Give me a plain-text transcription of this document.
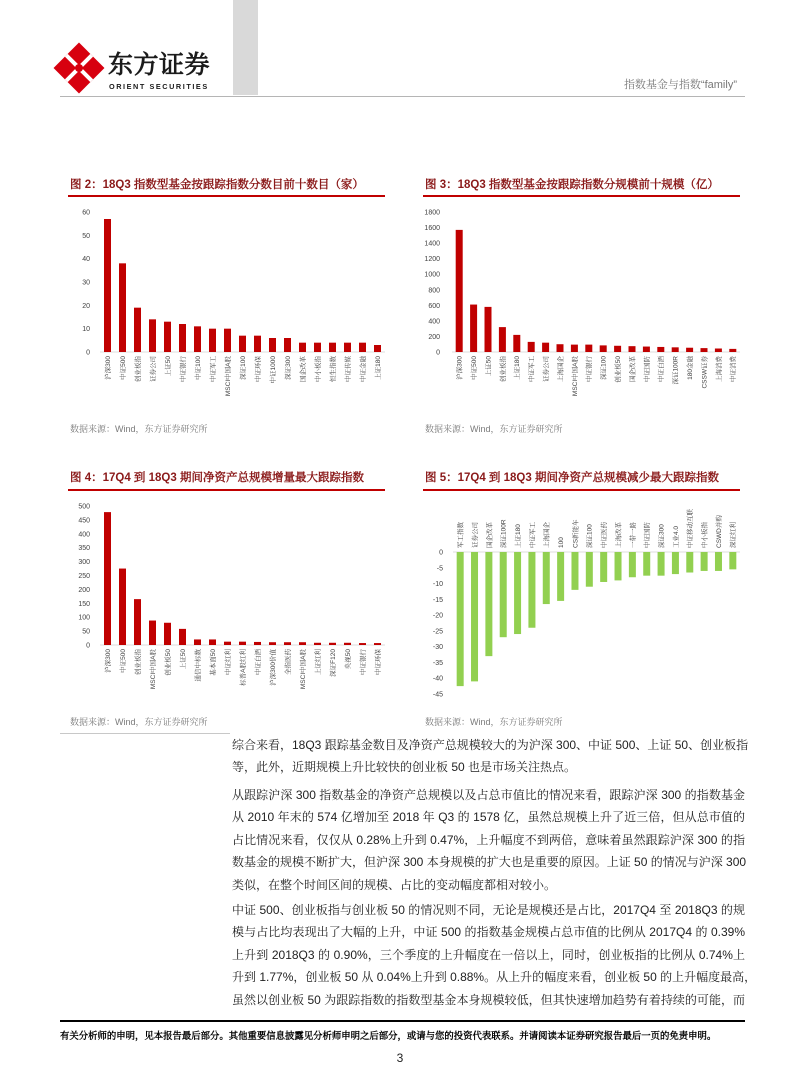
东方证券
ORIENT SECURITIES	指数基金与指数“family”
图 2：18Q3 指数型基金按跟踪指数分数目前十数目（家）
0
10
20
30
40
50
60
沪深300	中证500	创业板指	证券公司	上证50	中证银行	中证100	中证军工	MSCI中国A股	深证100	中证环保	中证1000	深证300	国企改革	中小板指	恒生指数	中证传媒	中证金融	上证180
数据来源：Wind，东方证券研究所
图 3：18Q3 指数型基金按跟踪指数分规模前十规模（亿）
0
200
400
600
800
1000
1200
1400
1600
1800
沪深300	中证500	上证50	创业板指	上证180	中证军工	证券公司	上海国企	MSCI中国A股	中证银行	深证100	创业板50	国企改革	中证国防	中证白酒	深证100R	180金融	CSSW证券	上海消费	中证消费
数据来源：Wind，东方证券研究所
图 4：17Q4 到 18Q3 期间净资产总规模增量最大跟踪指数
0
50
100
150
200
250
300
350
400
450
500
沪深300	中证500	创业板指	MSCI中国A股	创业板50	上证50	通信中标数	基本面50	中证红利	标普A股红利	中证白酒	沪深300价值	全指医药	MSCI中国A股	上证红利	深证F120	央视50	中证银行	中证环保
数据来源：Wind，东方证券研究所
图 5：17Q4 到 18Q3 期间净资产总规模减少最大跟踪指数
0
-5
-10
-15
-20
-25
-30
-35
-40
-45
军工指数	证券公司	国企改革	深证100R	上证180	中证军工	上海国企 100	CS新能车	深证100	中证医药	上海改革	一带一路	中证国防	深证300	工业4.0	中证移动互联	中小板指	CSWD并购	深证红利
数据来源：Wind，东方证券研究所
综合来看，18Q3 跟踪基金数目及净资产总规模较大的为沪深 300、中证 500、上证 50、创业板指
等，此外，近期规模上升比较快的创业板 50 也是市场关注热点。
从跟踪沪深 300 指数基金的净资产总规模以及占总市值比的情况来看，跟踪沪深 300 的指数基金
从 2010 年末的 574 亿增加至 2018 年 Q3 的 1578 亿，虽然总规模上升了近三倍，但从总市值的
占比情况来看，仅仅从 0.28%上升到 0.47%，上升幅度不到两倍，意味着虽然跟踪沪深 300 的指
数基金的规模不断扩大，但沪深 300 本身规模的扩大也是重要的原因。上证 50 的情况与沪深 300
类似，在整个时间区间的规模、占比的变动幅度都相对较小。
中证 500、创业板指与创业板 50 的情况则不同，无论是规模还是占比，2017Q4 至 2018Q3 的规
模与占比均表现出了大幅的上升，中证 500 的指数基金规模占总市值的比例从 2017Q4 的 0.39%
上升到 2018Q3 的 0.90%，三个季度的上升幅度在一倍以上，同时，创业板指的比例从 0.74%上
升到 1.77%，创业板 50 从 0.04%上升到 0.88%。从上升的幅度来看，创业板 50 的上升幅度最高，
虽然以创业板 50 为跟踪指数的指数型基金本身规模较低，但其快速增加趋势有着持续的可能，而
有关分析师的申明，见本报告最后部分。其他重要信息披露见分析师申明之后部分，或请与您的投资代表联系。并请阅读本证券研究报告最后一页的免责申明。
3
